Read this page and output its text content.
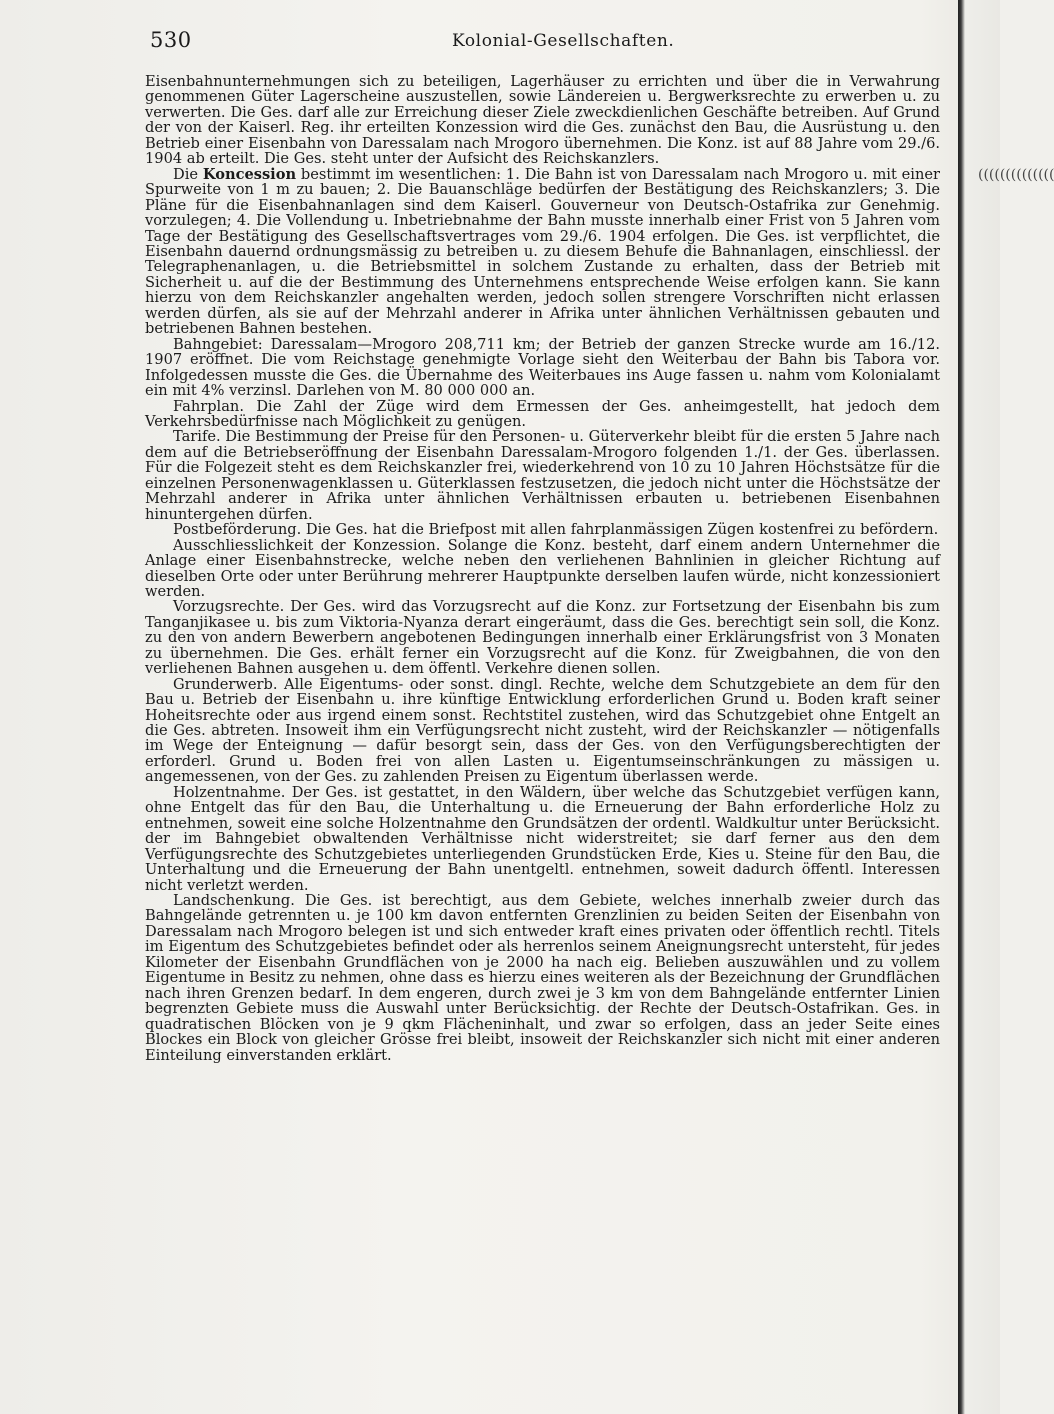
530	Kolonial-Gesellschaften.

Eisenbahnunternehmungen sich zu beteiligen, Lagerhäuser zu errichten und über die in Verwahrung genommenen Güter Lagerscheine auszustellen, sowie Ländereien u. Bergwerksrechte zu erwerben u. zu verwerten. Die Ges. darf alle zur Erreichung dieser Ziele zweckdienlichen Geschäfte betreiben. Auf Grund der von der Kaiserl. Reg. ihr erteilten Konzession wird die Ges. zunächst den Bau, die Ausrüstung u. den Betrieb einer Eisenbahn von Daressalam nach Mrogoro übernehmen. Die Konz. ist auf 88 Jahre vom 29./6. 1904 ab erteilt. Die Ges. steht unter der Aufsicht des Reichskanzlers.

Die Koncession bestimmt im wesentlichen: 1. Die Bahn ist von Daressalam nach Mrogoro u. mit einer Spurweite von 1 m zu bauen; 2. Die Bauanschläge bedürfen der Bestätigung des Reichskanzlers; 3. Die Pläne für die Eisenbahnanlagen sind dem Kaiserl. Gouverneur von Deutsch-Ostafrika zur Genehmig. vorzulegen; 4. Die Vollendung u. Inbetriebnahme der Bahn musste innerhalb einer Frist von 5 Jahren vom Tage der Bestätigung des Gesellschaftsvertrages vom 29./6. 1904 erfolgen. Die Ges. ist verpflichtet, die Eisenbahn dauernd ordnungsmässig zu betreiben u. zu diesem Behufe die Bahnanlagen, einschliessl. der Telegraphenanlagen, u. die Betriebsmittel in solchem Zustande zu erhalten, dass der Betrieb mit Sicherheit u. auf die der Bestimmung des Unternehmens entsprechende Weise erfolgen kann. Sie kann hierzu von dem Reichskanzler angehalten werden, jedoch sollen strengere Vorschriften nicht erlassen werden dürfen, als sie auf der Mehrzahl anderer in Afrika unter ähnlichen Verhältnissen gebauten und betriebenen Bahnen bestehen.

Bahngebiet: Daressalam—Mrogoro 208,711 km; der Betrieb der ganzen Strecke wurde am 16./12. 1907 eröffnet. Die vom Reichstage genehmigte Vorlage sieht den Weiterbau der Bahn bis Tabora vor. Infolgedessen musste die Ges. die Übernahme des Weiterbaues ins Auge fassen u. nahm vom Kolonialamt ein mit 4% verzinsl. Darlehen von M. 80 000 000 an.

Fahrplan. Die Zahl der Züge wird dem Ermessen der Ges. anheimgestellt, hat jedoch dem Verkehrsbedürfnisse nach Möglichkeit zu genügen.

Tarife. Die Bestimmung der Preise für den Personen- u. Güterverkehr bleibt für die ersten 5 Jahre nach dem auf die Betriebseröffnung der Eisenbahn Daressalam-Mrogoro folgenden 1./1. der Ges. überlassen. Für die Folgezeit steht es dem Reichskanzler frei, wiederkehrend von 10 zu 10 Jahren Höchstsätze für die einzelnen Personenwagenklassen u. Güterklassen festzusetzen, die jedoch nicht unter die Höchstsätze der Mehrzahl anderer in Afrika unter ähnlichen Verhältnissen erbauten u. betriebenen Eisenbahnen hinuntergehen dürfen.

Postbeförderung. Die Ges. hat die Briefpost mit allen fahrplanmässigen Zügen kostenfrei zu befördern.

Ausschliesslichkeit der Konzession. Solange die Konz. besteht, darf einem andern Unternehmer die Anlage einer Eisenbahnstrecke, welche neben den verliehenen Bahnlinien in gleicher Richtung auf dieselben Orte oder unter Berührung mehrerer Hauptpunkte derselben laufen würde, nicht konzessioniert werden.

Vorzugsrechte. Der Ges. wird das Vorzugsrecht auf die Konz. zur Fortsetzung der Eisenbahn bis zum Tanganjikasee u. bis zum Viktoria-Nyanza derart eingeräumt, dass die Ges. berechtigt sein soll, die Konz. zu den von andern Bewerbern angebotenen Bedingungen innerhalb einer Erklärungsfrist von 3 Monaten zu übernehmen. Die Ges. erhält ferner ein Vorzugsrecht auf die Konz. für Zweigbahnen, die von den verliehenen Bahnen ausgehen u. dem öffentl. Verkehre dienen sollen.

Grunderwerb. Alle Eigentums- oder sonst. dingl. Rechte, welche dem Schutzgebiete an dem für den Bau u. Betrieb der Eisenbahn u. ihre künftige Entwicklung erforderlichen Grund u. Boden kraft seiner Hoheitsrechte oder aus irgend einem sonst. Rechtstitel zustehen, wird das Schutzgebiet ohne Entgelt an die Ges. abtreten. Insoweit ihm ein Verfügungsrecht nicht zusteht, wird der Reichskanzler — nötigenfalls im Wege der Enteignung — dafür besorgt sein, dass der Ges. von den Verfügungsberechtigten der erforderl. Grund u. Boden frei von allen Lasten u. Eigentumseinschränkungen zu mässigen u. angemessenen, von der Ges. zu zahlenden Preisen zu Eigentum überlassen werde.

Holzentnahme. Der Ges. ist gestattet, in den Wäldern, über welche das Schutzgebiet verfügen kann, ohne Entgelt das für den Bau, die Unterhaltung u. die Erneuerung der Bahn erforderliche Holz zu entnehmen, soweit eine solche Holzentnahme den Grundsätzen der ordentl. Waldkultur unter Berücksicht. der im Bahngebiet obwaltenden Verhältnisse nicht widerstreitet; sie darf ferner aus den dem Verfügungsrechte des Schutzgebietes unterliegenden Grundstücken Erde, Kies u. Steine für den Bau, die Unterhaltung und die Erneuerung der Bahn unentgeltl. entnehmen, soweit dadurch öffentl. Interessen nicht verletzt werden.

Landschenkung. Die Ges. ist berechtigt, aus dem Gebiete, welches innerhalb zweier durch das Bahngelände getrennten u. je 100 km davon entfernten Grenzlinien zu beiden Seiten der Eisenbahn von Daressalam nach Mrogoro belegen ist und sich entweder kraft eines privaten oder öffentlich rechtl. Titels im Eigentum des Schutzgebietes befindet oder als herrenlos seinem Aneignungsrecht untersteht, für jedes Kilometer der Eisenbahn Grundflächen von je 2000 ha nach eig. Belieben auszuwählen und zu vollem Eigentume in Besitz zu nehmen, ohne dass es hierzu eines weiteren als der Bezeichnung der Grundflächen nach ihren Grenzen bedarf. In dem engeren, durch zwei je 3 km von dem Bahngelände entfernter Linien begrenzten Gebiete muss die Auswahl unter Berücksichtig. der Rechte der Deutsch-Ostafrikan. Ges. in quadratischen Blöcken von je 9 qkm Flächeninhalt, und zwar so erfolgen, dass an jeder Seite eines Blockes ein Block von gleicher Grösse frei bleibt, insoweit der Reichskanzler sich nicht mit einer anderen Einteilung einverstanden erklärt.

((((((((((((((
